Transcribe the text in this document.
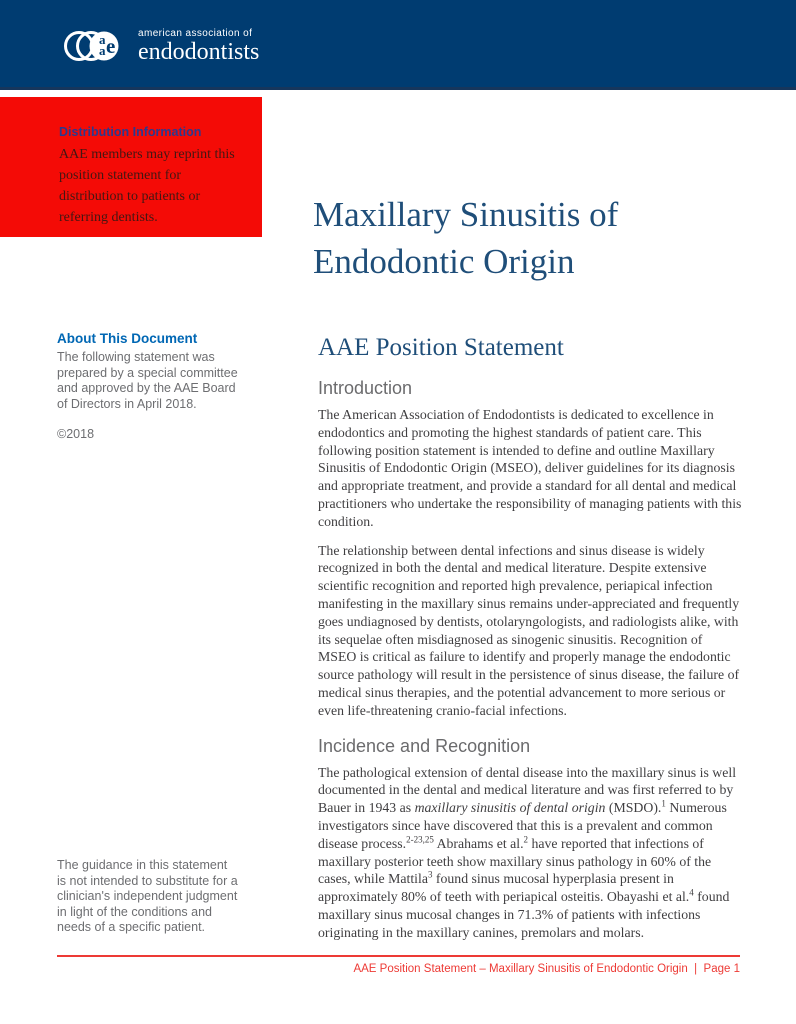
a
a e
american association of
endodontists
Distribution Information
AAE members may reprint this position statement for distribution to patients or referring dentists.	Maxillary Sinusitis of
Endodontic Origin
About This Document
The following statement was prepared by a special committee and approved by the AAE Board of Directors in April 2018.
©2018
The guidance in this statement is not intended to substitute for a clinician's independent judgment in light of the conditions and needs of a specific patient.
AAE Position Statement
Introduction

The American Association of Endodontists is dedicated to excellence in endodontics and promoting the highest standards of patient care. This following position statement is intended to define and outline Maxillary Sinusitis of Endodontic Origin (MSEO), deliver guidelines for its diagnosis and appropriate treatment, and provide a standard for all dental and medical practitioners who undertake the responsibility of managing patients with this condition.

The relationship between dental infections and sinus disease is widely recognized in both the dental and medical literature. Despite extensive scientific recognition and reported high prevalence, periapical infection manifesting in the maxillary sinus remains under-appreciated and frequently goes undiagnosed by dentists, otolaryngologists, and radiologists alike, with its sequelae often misdiagnosed as sinogenic sinusitis. Recognition of MSEO is critical as failure to identify and properly manage the endodontic source pathology will result in the persistence of sinus disease, the failure of medical sinus therapies, and the potential advancement to more serious or even life-threatening cranio-facial infections.

Incidence and Recognition

The pathological extension of dental disease into the maxillary sinus is well documented in the dental and medical literature and was first referred to by Bauer in 1943 as maxillary sinusitis of dental origin (MSDO).$^1$ Numerous investigators since have discovered that this is a prevalent and common disease process.$^{2-23,25}$ Abrahams et al.$^2$ have reported that infections of maxillary posterior teeth show maxillary sinus pathology in 60% of the cases, while Mattila$^3$ found sinus mucosal hyperplasia present in approximately 80% of teeth with periapical osteitis. Obayashi et al.$^4$ found maxillary sinus mucosal changes in 71.3% of patients with infections originating in the maxillary canines, premolars and molars.

AAE Position Statement – Maxillary Sinusitis of Endodontic Origin | Page 1
